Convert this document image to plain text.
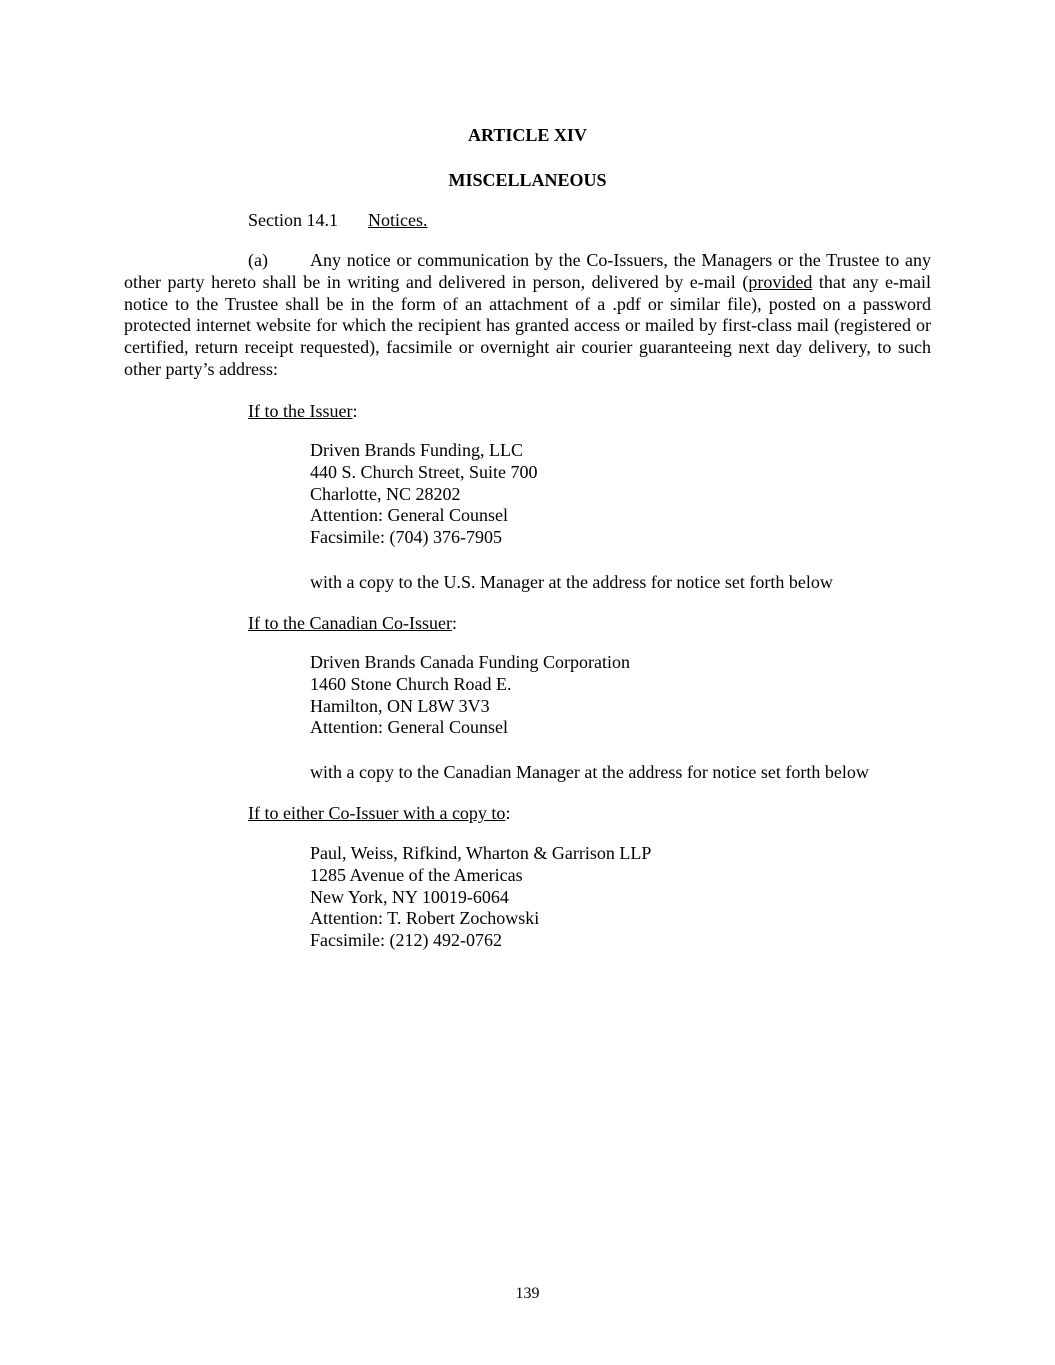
ARTICLE XIV
MISCELLANEOUS

Section 14.1 Notices.

(a) Any notice or communication by the Co-Issuers, the Managers or the Trustee to any other party hereto shall be in writing and delivered in person, delivered by e-mail (provided that any e-mail notice to the Trustee shall be in the form of an attachment of a .pdf or similar file), posted on a password protected internet website for which the recipient has granted access or mailed by first-class mail (registered or certified, return receipt requested), facsimile or overnight air courier guaranteeing next day delivery, to such other party’s address:

If to the Issuer:

Driven Brands Funding, LLC
440 S. Church Street, Suite 700
Charlotte, NC 28202
Attention: General Counsel
Facsimile: (704) 376-7905

with a copy to the U.S. Manager at the address for notice set forth below

If to the Canadian Co-Issuer:

Driven Brands Canada Funding Corporation
1460 Stone Church Road E.
Hamilton, ON L8W 3V3
Attention: General Counsel

with a copy to the Canadian Manager at the address for notice set forth below

If to either Co-Issuer with a copy to:

Paul, Weiss, Rifkind, Wharton & Garrison LLP
1285 Avenue of the Americas
New York, NY 10019-6064
Attention: T. Robert Zochowski
Facsimile: (212) 492-0762
139
